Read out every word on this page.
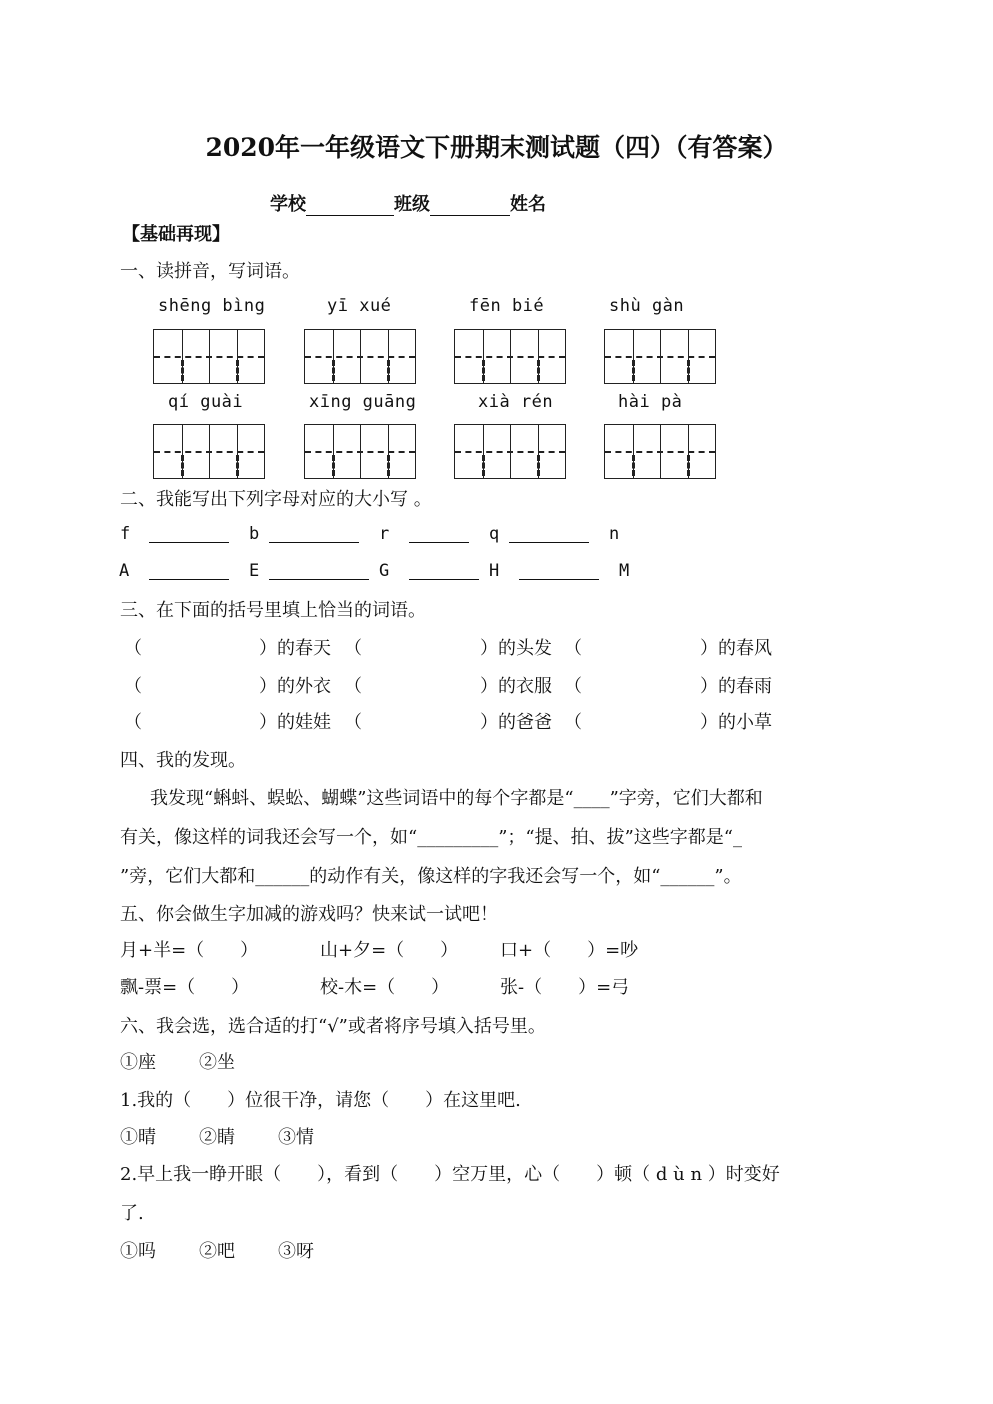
2020年一年级语文下册期末测试题（四）（有答案）
学校	班级	姓名
【基础再现】
一、读拼音，写词语。
shēng bìng	yī xué	fēn bié	shù gàn
qí guài	xīng guāng	xià rén	hài pà
二、我能写出下列字母对应的大小写 。
f	b	r	q	n
A	E	G	H	M
三、在下面的括号里填上恰当的词语。
（	）的春天 （	）的头发 （	）的春风
（	）的外衣 （	）的衣服 （	）的春雨
（	）的娃娃 （	）的爸爸 （	）的小草
四、我的发现。
我发现“蝌蚪、蜈蚣、蝴蝶”这些词语中的每个字都是“____”字旁，它们大都和
有关，像这样的词我还会写一个，如“_________”；“提、拍、拔”这些字都是“_
”旁，它们大都和______的动作有关，像这样的字我还会写一个，如“______”。
五、你会做生字加减的游戏吗？快来试一试吧！
月+半=（　　）	山+夕=（　　） 口+（　　）=吵
飘-票=（　　）	校-木=（　　）	张-（　　）=弓
六、我会选，选合适的打“√”或者将序号填入括号里。
①座 ②坐
1.我的（　　）位很干净，请您（　　）在这里吧.
①晴 ②睛 ③情
2.早上我一睁开眼（　　），看到（　　）空万里，心（　　）顿（ d ù n ）时变好
了.
①吗 ②吧 ③呀
